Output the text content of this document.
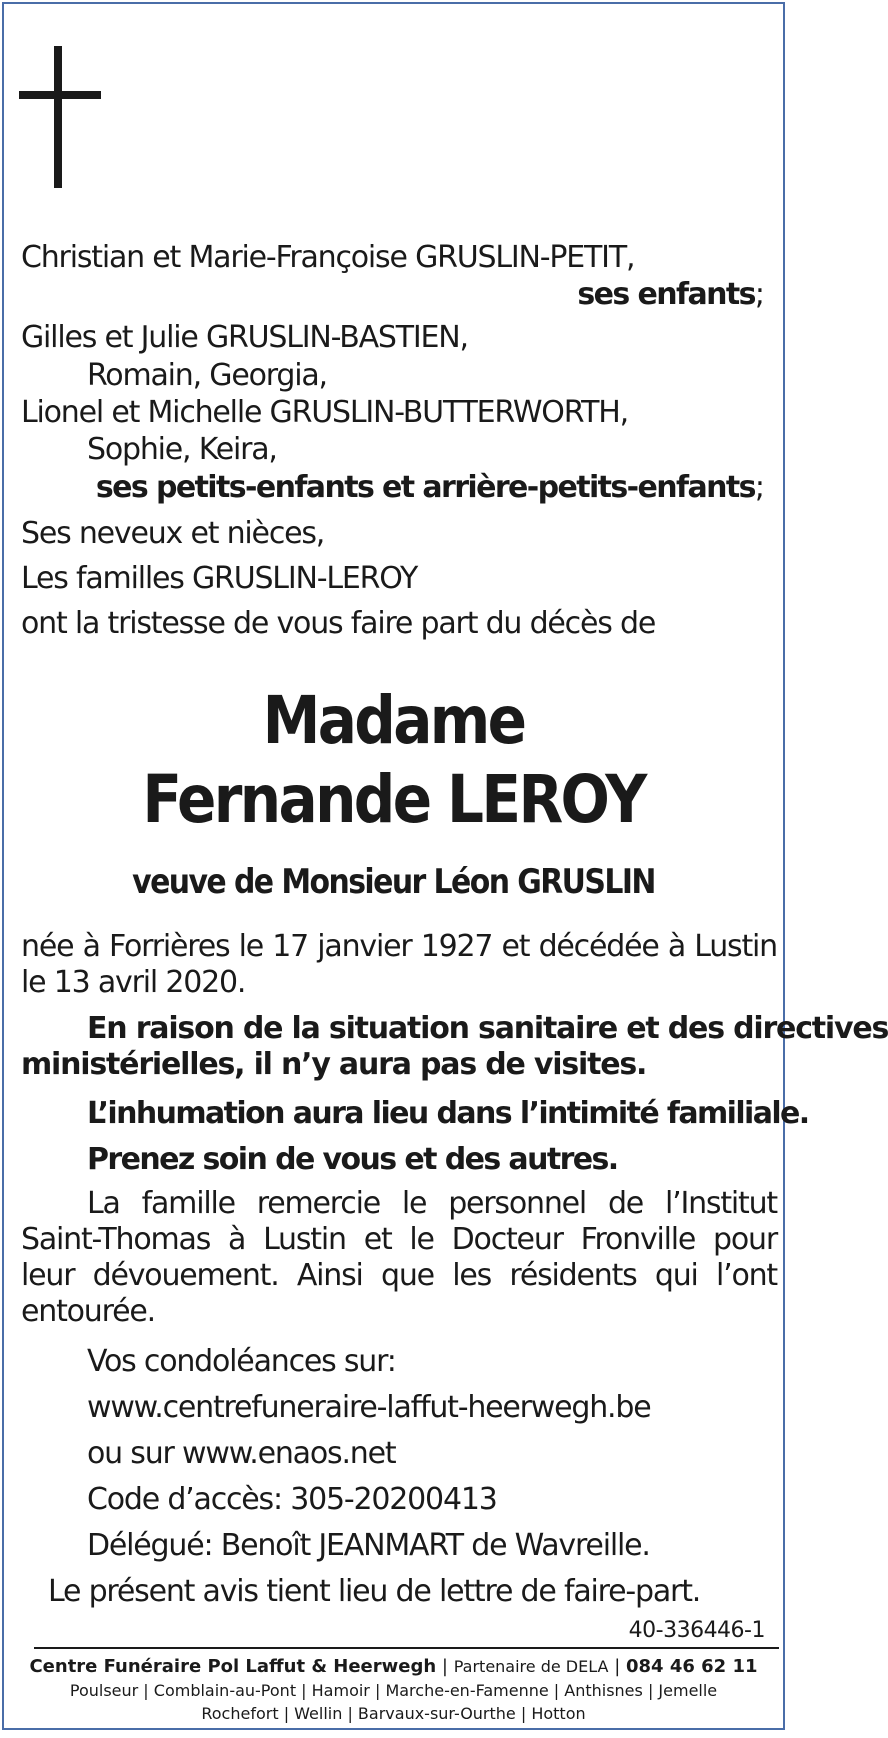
Christian et Marie-Françoise GRUSLIN-PETIT,
ses enfants;
Gilles et Julie GRUSLIN-BASTIEN,
Romain, Georgia,
Lionel et Michelle GRUSLIN-BUTTERWORTH,
Sophie, Keira,
ses petits-enfants et arrière-petits-enfants;
Ses neveux et nièces,
Les familles GRUSLIN-LEROY
ont la tristesse de vous faire part du décès de
Madame
Fernande LEROY
veuve de Monsieur Léon GRUSLIN
née à Forrières le 17 janvier 1927 et décédée à Lustin
le 13 avril 2020.
En raison de la situation sanitaire et des directives
ministérielles, il n’y aura pas de visites.
L’inhumation aura lieu dans l’intimité familiale.
Prenez soin de vous et des autres.
La famille remercie le personnel de l’Institut
Saint-Thomas à Lustin et le Docteur Fronville pour
leur dévouement. Ainsi que les résidents qui l’ont
entourée.
Vos condoléances sur:
www.centrefuneraire-laffut-heerwegh.be
ou sur www.enaos.net
Code d’accès: 305-20200413
Délégué: Benoît JEANMART de Wavreille.
Le présent avis tient lieu de lettre de faire-part.
40-336446-1
Centre Funéraire Pol Laffut & Heerwegh | Partenaire de DELA | 084 46 62 11
Poulseur | Comblain-au-Pont | Hamoir | Marche-en-Famenne | Anthisnes | Jemelle
Rochefort | Wellin | Barvaux-sur-Ourthe | Hotton
